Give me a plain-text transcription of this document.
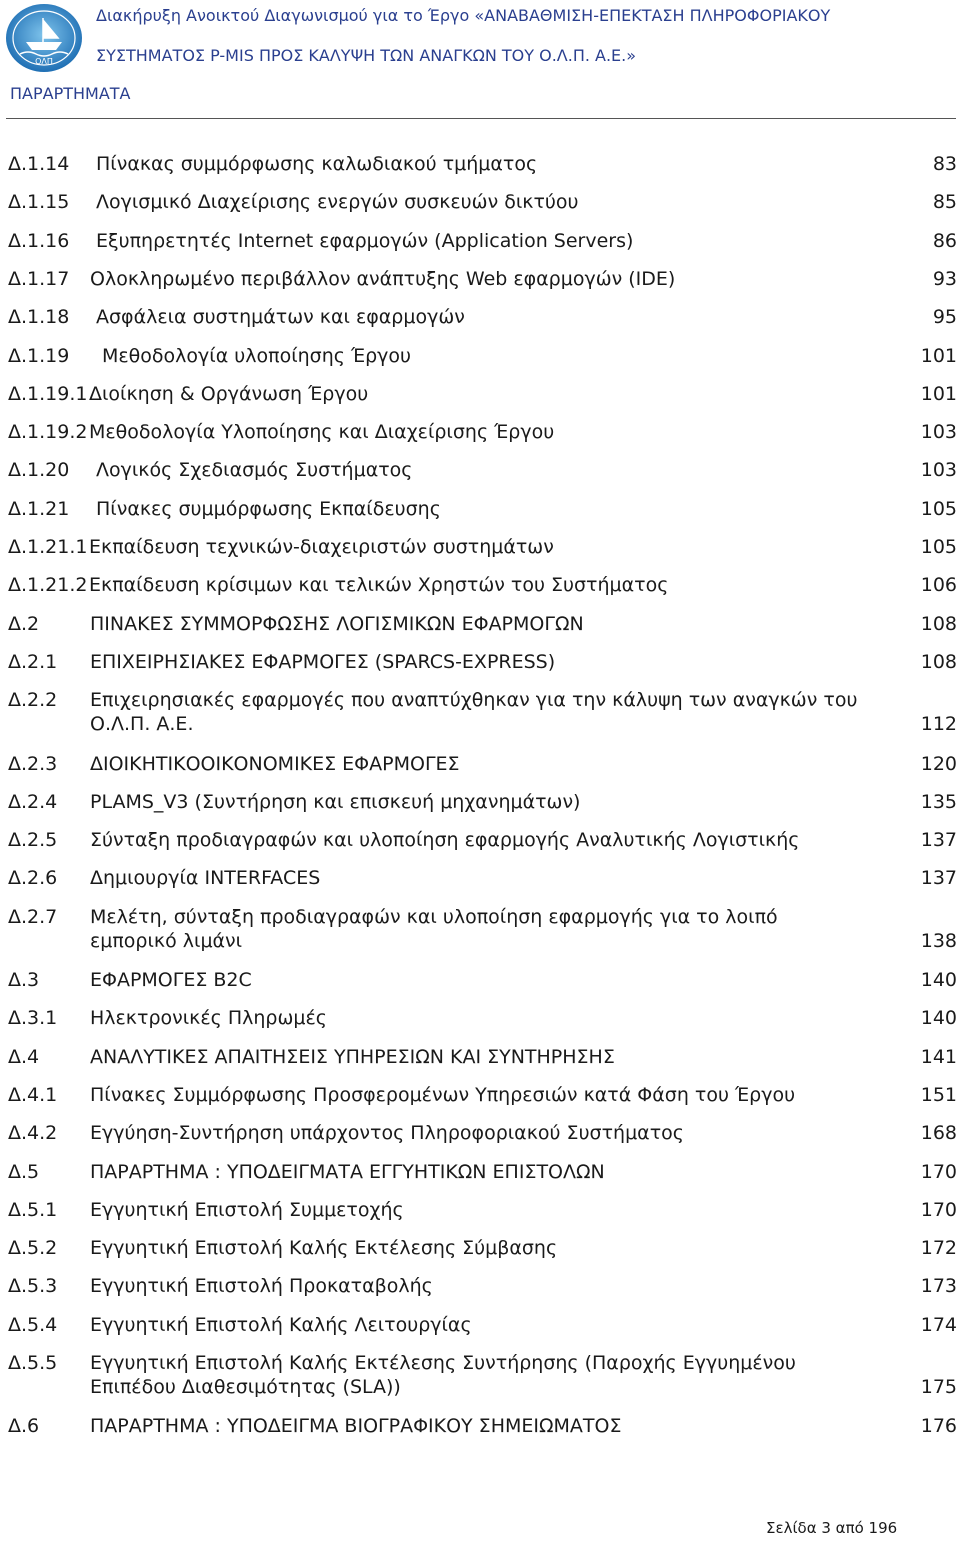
ΟΛΠ
Διακήρυξη Ανοικτού Διαγωνισμού για το Έργο «ΑΝΑΒΑΘΜΙΣΗ-ΕΠΕΚΤΑΣΗ ΠΛΗΡΟΦΟΡΙΑΚΟΥ
ΣΥΣΤΗΜΑΤΟΣ P-MIS ΠΡΟΣ ΚΑΛΥΨΗ ΤΩΝ ΑΝΑΓΚΩΝ ΤΟΥ Ο.Λ.Π. Α.Ε.»
ΠΑΡΑΡΤΗΜΑΤΑ
Δ.1.14 Πίνακας συμμόρφωσης καλωδιακού τμήματος	83
Δ.1.15 Λογισμικό Διαχείρισης ενεργών συσκευών δικτύου	85
Δ.1.16 Εξυπηρετητές Internet εφαρμογών (Application Servers)	86
Δ.1.17 Ολοκληρωμένο περιβάλλον ανάπτυξης Web εφαρμογών (IDE)	93
Δ.1.18 Ασφάλεια συστημάτων και εφαρμογών	95
Δ.1.19 Μεθοδολογία υλοποίησης Έργου	101
Δ.1.19.1 Διοίκηση & Οργάνωση Έργου	101
Δ.1.19.2 Μεθοδολογία Υλοποίησης και Διαχείρισης Έργου	103
Δ.1.20 Λογικός Σχεδιασμός Συστήματος	103
Δ.1.21 Πίνακες συμμόρφωσης Εκπαίδευσης	105
Δ.1.21.1 Εκπαίδευση τεχνικών-διαχειριστών συστημάτων	105
Δ.1.21.2 Εκπαίδευση κρίσιμων και τελικών Χρηστών του Συστήματος	106
Δ.2	ΠΙΝΑΚΕΣ ΣΥΜΜΟΡΦΩΣΗΣ ΛΟΓΙΣΜΙΚΩΝ ΕΦΑΡΜΟΓΩΝ	108
Δ.2.1 ΕΠΙΧΕΙΡΗΣΙΑΚΕΣ ΕΦΑΡΜΟΓΕΣ (SPARCS-EXPRESS)	108
Δ.2.2 Επιχειρησιακές εφαρμογές που αναπτύχθηκαν για την κάλυψη των αναγκών του Ο.Λ.Π. Α.Ε.	112
Δ.2.3 ΔΙΟΙΚΗΤΙΚΟΟΙΚΟΝΟΜΙΚΕΣ ΕΦΑΡΜΟΓΕΣ	120
Δ.2.4 PLAMS_V3 (Συντήρηση και επισκευή μηχανημάτων)	135
Δ.2.5 Σύνταξη προδιαγραφών και υλοποίηση εφαρμογής Αναλυτικής Λογιστικής	137
Δ.2.6 Δημιουργία INTERFACES	137
Δ.2.7 Μελέτη, σύνταξη προδιαγραφών και υλοποίηση εφαρμογής για το λοιπό εμπορικό λιμάνι	138
Δ.3	ΕΦΑΡΜΟΓΕΣ B2C	140
Δ.3.1 Ηλεκτρονικές Πληρωμές	140
Δ.4	ΑΝΑΛΥΤΙΚΕΣ ΑΠΑΙΤΗΣΕΙΣ ΥΠΗΡΕΣΙΩΝ ΚΑΙ ΣΥΝΤΗΡΗΣΗΣ	141
Δ.4.1 Πίνακες Συμμόρφωσης Προσφερομένων Υπηρεσιών κατά Φάση του Έργου	151
Δ.4.2 Εγγύηση-Συντήρηση υπάρχοντος Πληροφοριακού Συστήματος	168
Δ.5	ΠΑΡΑΡΤΗΜΑ : ΥΠΟΔΕΙΓΜΑΤΑ ΕΓΓΥΗΤΙΚΩΝ ΕΠΙΣΤΟΛΩΝ	170
Δ.5.1 Εγγυητική Επιστολή Συμμετοχής	170
Δ.5.2 Εγγυητική Επιστολή Καλής Εκτέλεσης Σύμβασης	172
Δ.5.3 Εγγυητική Επιστολή Προκαταβολής	173
Δ.5.4 Εγγυητική Επιστολή Καλής Λειτουργίας	174
Δ.5.5 Εγγυητική Επιστολή Καλής Εκτέλεσης Συντήρησης (Παροχής Εγγυημένου Επιπέδου Διαθεσιμότητας (SLA))	175
Δ.6	ΠΑΡΑΡΤΗΜΑ : ΥΠΟΔΕΙΓΜΑ ΒΙΟΓΡΑΦΙΚΟΥ ΣΗΜΕΙΩΜΑΤΟΣ	176
Σελίδα 3 από 196
